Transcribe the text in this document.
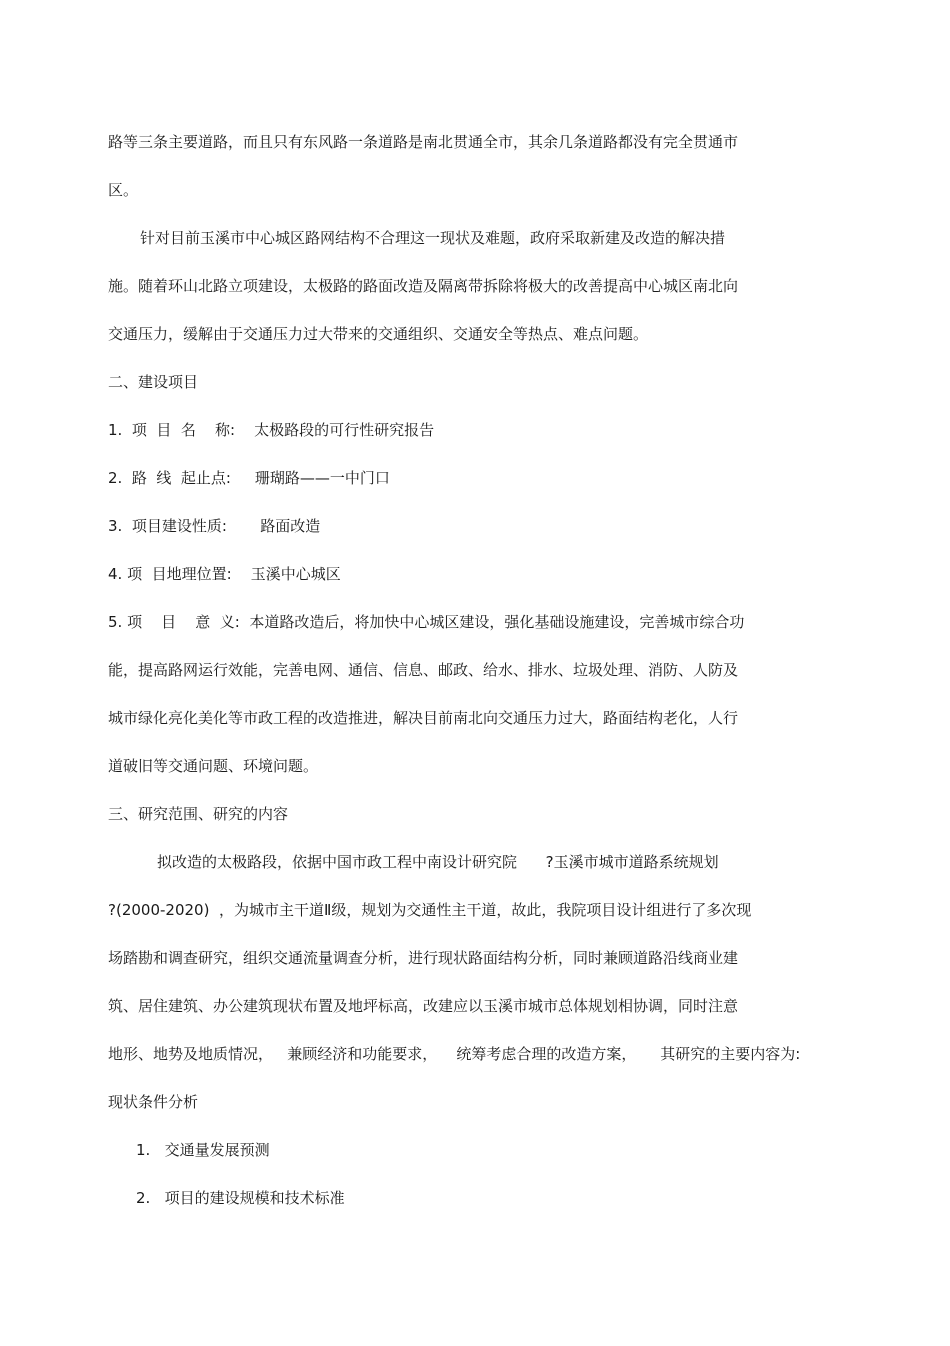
路等三条主要道路，而且只有东风路一条道路是南北贯通全市，其余几条道路都没有完全贯通市
区。
针对目前玉溪市中心城区路网结构不合理这一现状及难题，政府采取新建及改造的解决措
施。随着环山北路立项建设，太极路的路面改造及隔离带拆除将极大的改善提高中心城区南北向
交通压力，缓解由于交通压力过大带来的交通组织、交通安全等热点、难点问题。
二、建设项目
1.  项  目  名    称:    太极路段的可行性研究报告
2.  路  线  起止点:     珊瑚路——一中门口
3.  项目建设性质:       路面改造
4. 项  目地理位置:    玉溪中心城区
5. 项    目    意  义:  本道路改造后，将加快中心城区建设，强化基础设施建设，完善城市综合功
能，提高路网运行效能，完善电网、通信、信息、邮政、给水、排水、垃圾处理、消防、人防及
城市绿化亮化美化等市政工程的改造推进，解决目前南北向交通压力过大，路面结构老化，人行
道破旧等交通问题、环境问题。
三、研究范围、研究的内容
拟改造的太极路段，依据中国市政工程中南设计研究院      ?玉溪市城市道路系统规划
?(2000-2020)  ，为城市主干道Ⅱ级，规划为交通性主干道，故此，我院项目设计组进行了多次现
场踏勘和调查研究，组织交通流量调查分析，进行现状路面结构分析，同时兼顾道路沿线商业建
筑、居住建筑、办公建筑现状布置及地坪标高，改建应以玉溪市城市总体规划相协调，同时注意
地形、地势及地质情况，   兼顾经济和功能要求，    统筹考虑合理的改造方案，     其研究的主要内容为:
现状条件分析
1.   交通量发展预测
2.   项目的建设规模和技术标准
